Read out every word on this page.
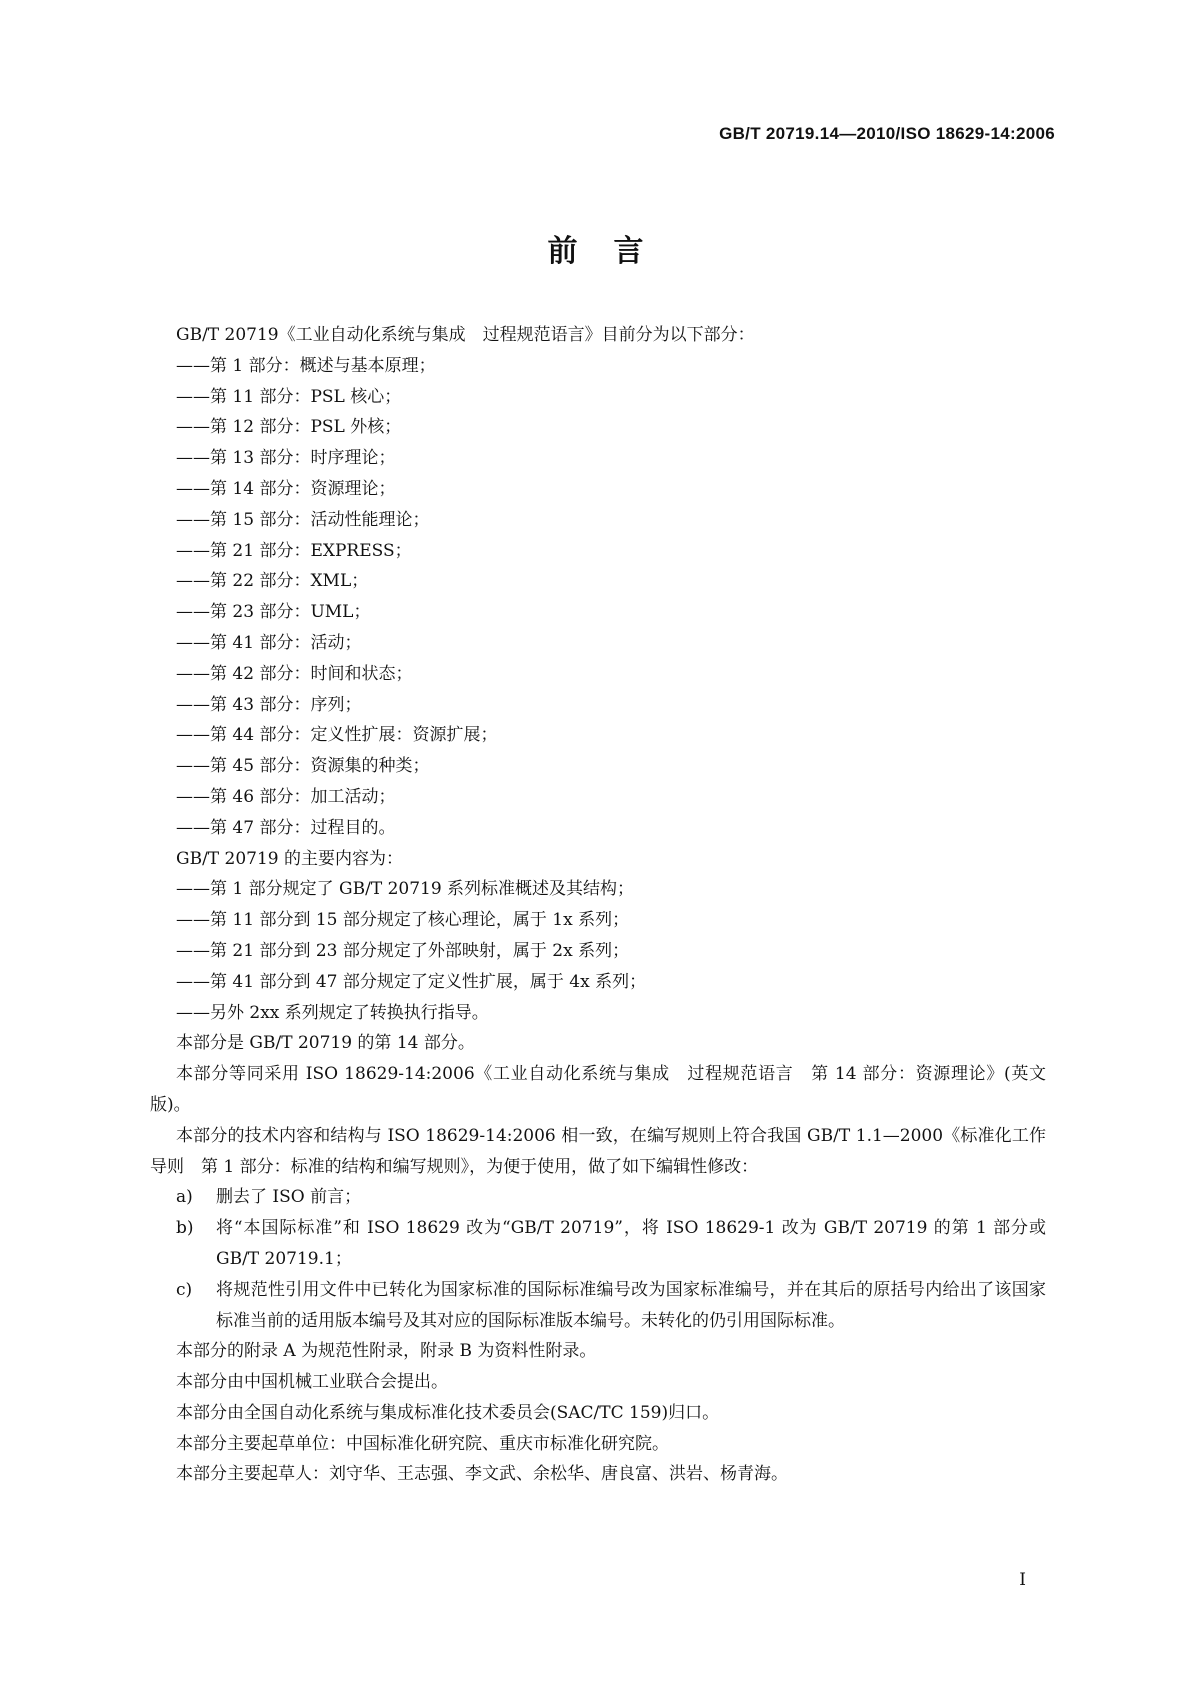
GB/T 20719.14—2010/ISO 18629-14:2006
前 言
GB/T 20719《工业自动化系统与集成　过程规范语言》目前分为以下部分：
——第 1 部分：概述与基本原理；
——第 11 部分：PSL 核心；
——第 12 部分：PSL 外核；
——第 13 部分：时序理论；
——第 14 部分：资源理论；
——第 15 部分：活动性能理论；
——第 21 部分：EXPRESS；
——第 22 部分：XML；
——第 23 部分：UML；
——第 41 部分：活动；
——第 42 部分：时间和状态；
——第 43 部分：序列；
——第 44 部分：定义性扩展：资源扩展；
——第 45 部分：资源集的种类；
——第 46 部分：加工活动；
——第 47 部分：过程目的。
GB/T 20719 的主要内容为：
——第 1 部分规定了 GB/T 20719 系列标准概述及其结构；
——第 11 部分到 15 部分规定了核心理论，属于 1x 系列；
——第 21 部分到 23 部分规定了外部映射，属于 2x 系列；
——第 41 部分到 47 部分规定了定义性扩展，属于 4x 系列；
——另外 2xx 系列规定了转换执行指导。
本部分是 GB/T 20719 的第 14 部分。
本部分等同采用 ISO 18629-14:2006《工业自动化系统与集成　过程规范语言　第 14 部分：资源理论》(英文版)。
本部分的技术内容和结构与 ISO 18629-14:2006 相一致，在编写规则上符合我国 GB/T 1.1—2000《标准化工作导则　第 1 部分：标准的结构和编写规则》，为便于使用，做了如下编辑性修改：
a) 删去了 ISO 前言；
b) 将“本国际标准”和 ISO 18629 改为“GB/T 20719”，将 ISO 18629-1 改为 GB/T 20719 的第 1 部分或 GB/T 20719.1；
c) 将规范性引用文件中已转化为国家标准的国际标准编号改为国家标准编号，并在其后的原括号内给出了该国家标准当前的适用版本编号及其对应的国际标准版本编号。未转化的仍引用国际标准。
本部分的附录 A 为规范性附录，附录 B 为资料性附录。
本部分由中国机械工业联合会提出。
本部分由全国自动化系统与集成标准化技术委员会(SAC/TC 159)归口。
本部分主要起草单位：中国标准化研究院、重庆市标准化研究院。
本部分主要起草人：刘守华、王志强、李文武、余松华、唐良富、洪岩、杨青海。
Ⅰ
